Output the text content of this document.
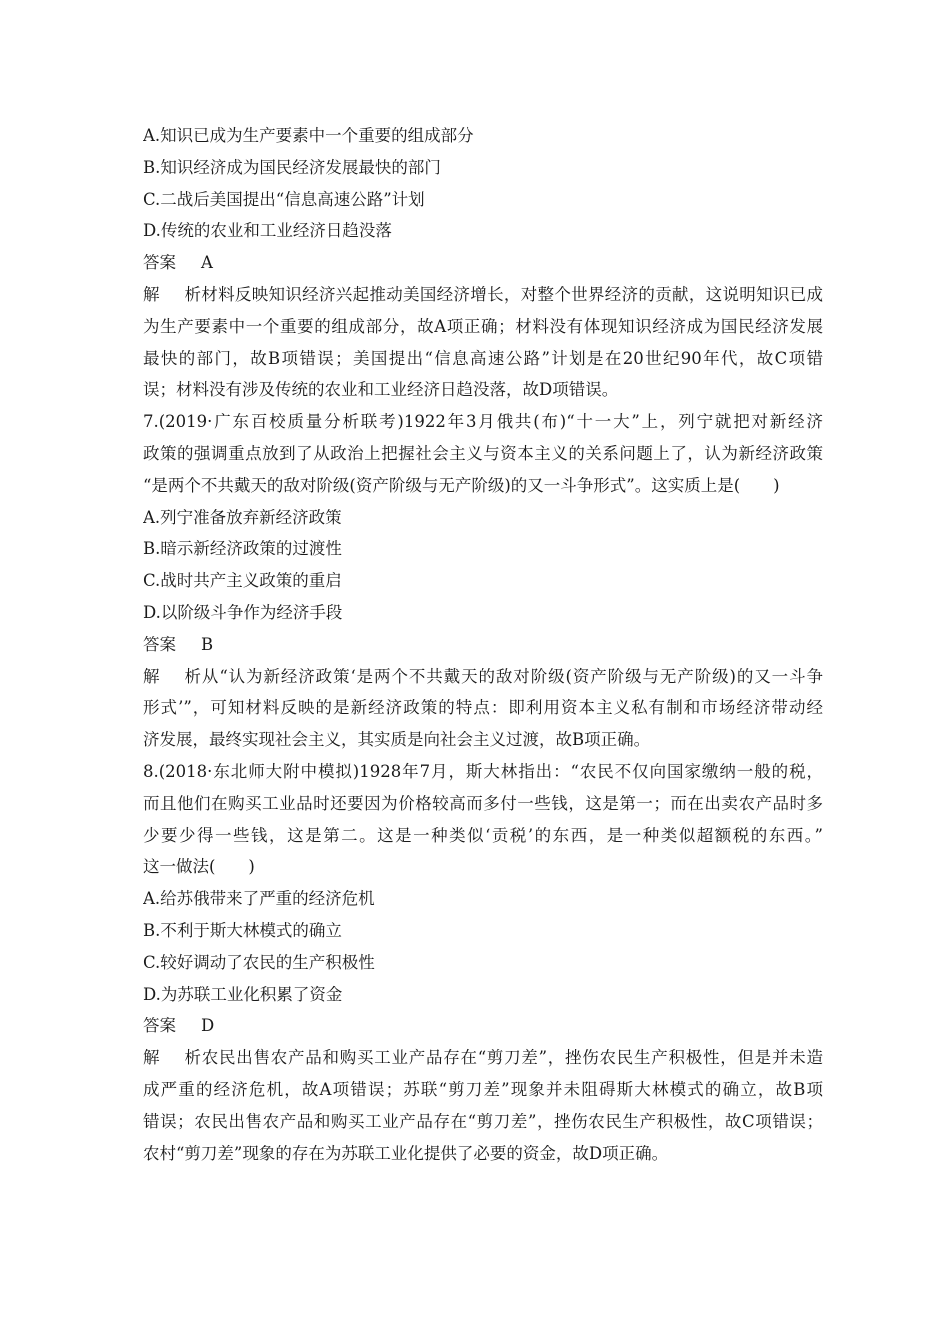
A.知识已成为生产要素中一个重要的组成部分
B.知识经济成为国民经济发展最快的部门
C.二战后美国提出“信息高速公路”计划
D.传统的农业和工业经济日趋没落
答案 A
解析材料反映知识经济兴起推动美国经济增长，对整个世界经济的贡献，这说明知识已成
为生产要素中一个重要的组成部分，故A项正确；材料没有体现知识经济成为国民经济发展
最快的部门，故B项错误；美国提出“信息高速公路”计划是在20世纪90年代，故C项错
误；材料没有涉及传统的农业和工业经济日趋没落，故D项错误。
7.(2019·广东百校质量分析联考)1922年3月俄共(布)“十一大”上，列宁就把对新经济
政策的强调重点放到了从政治上把握社会主义与资本主义的关系问题上了，认为新经济政策
“是两个不共戴天的敌对阶级(资产阶级与无产阶级)的又一斗争形式”。这实质上是(　　)
A.列宁准备放弃新经济政策
B.暗示新经济政策的过渡性
C.战时共产主义政策的重启
D.以阶级斗争作为经济手段
答案 B
解析从“认为新经济政策‘是两个不共戴天的敌对阶级(资产阶级与无产阶级)的又一斗争
形式’”，可知材料反映的是新经济政策的特点：即利用资本主义私有制和市场经济带动经
济发展，最终实现社会主义，其实质是向社会主义过渡，故B项正确。
8.(2018·东北师大附中模拟)1928年7月，斯大林指出：“农民不仅向国家缴纳一般的税，
而且他们在购买工业品时还要因为价格较高而多付一些钱，这是第一；而在出卖农产品时多
少要少得一些钱，这是第二。这是一种类似‘贡税’的东西，是一种类似超额税的东西。”
这一做法(　　)
A.给苏俄带来了严重的经济危机
B.不利于斯大林模式的确立
C.较好调动了农民的生产积极性
D.为苏联工业化积累了资金
答案 D
解析农民出售农产品和购买工业产品存在“剪刀差”，挫伤农民生产积极性，但是并未造
成严重的经济危机，故A项错误；苏联“剪刀差”现象并未阻碍斯大林模式的确立，故B项
错误；农民出售农产品和购买工业产品存在“剪刀差”，挫伤农民生产积极性，故C项错误；
农村“剪刀差”现象的存在为苏联工业化提供了必要的资金，故D项正确。
